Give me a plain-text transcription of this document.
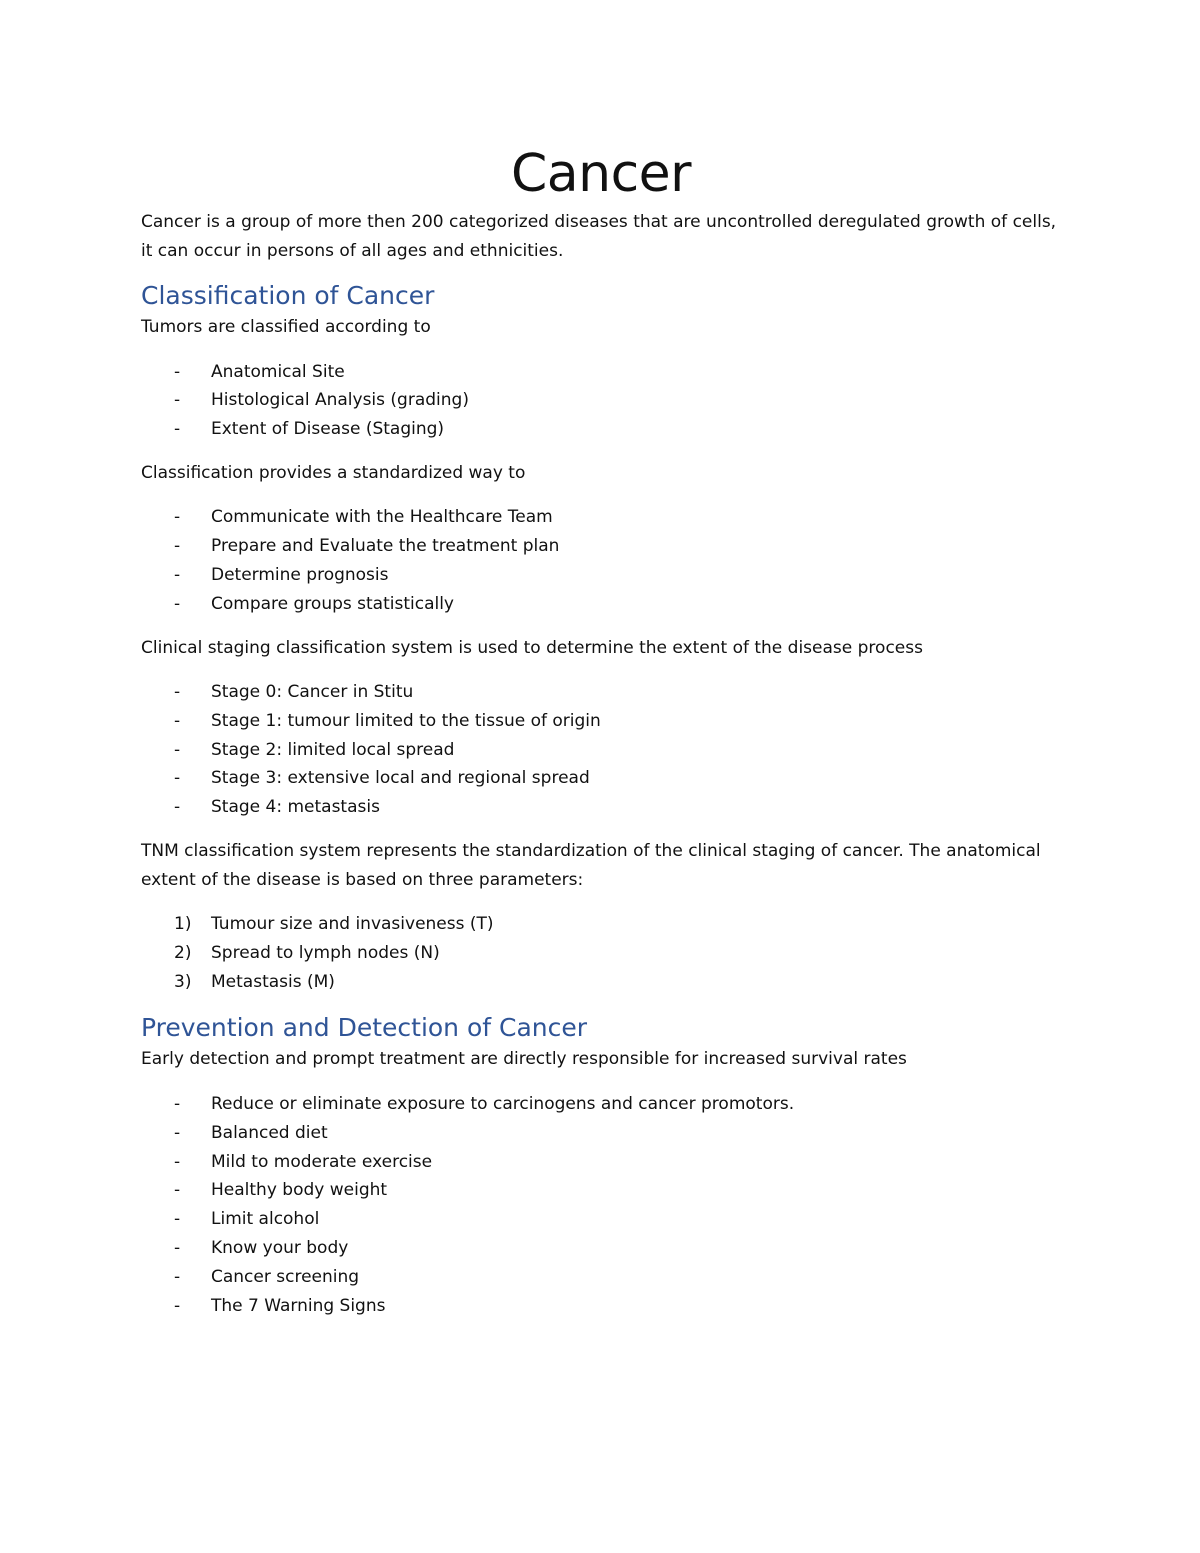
Cancer

Cancer is a group of more then 200 categorized diseases that are uncontrolled deregulated growth of cells, it can occur in persons of all ages and ethnicities.

Classification of Cancer

Tumors are classified according to

- Anatomical Site
- Histological Analysis (grading)
- Extent of Disease (Staging)

Classification provides a standardized way to

- Communicate with the Healthcare Team
- Prepare and Evaluate the treatment plan
- Determine prognosis
- Compare groups statistically

Clinical staging classification system is used to determine the extent of the disease process

- Stage 0: Cancer in Stitu
- Stage 1: tumour limited to the tissue of origin
- Stage 2: limited local spread
- Stage 3: extensive local and regional spread
- Stage 4: metastasis

TNM classification system represents the standardization of the clinical staging of cancer. The anatomical extent of the disease is based on three parameters:

1) Tumour size and invasiveness (T)
2) Spread to lymph nodes (N)
3) Metastasis (M)
Prevention and Detection of Cancer

Early detection and prompt treatment are directly responsible for increased survival rates

- Reduce or eliminate exposure to carcinogens and cancer promotors.
- Balanced diet
- Mild to moderate exercise
- Healthy body weight
- Limit alcohol
- Know your body
- Cancer screening
- The 7 Warning Signs
